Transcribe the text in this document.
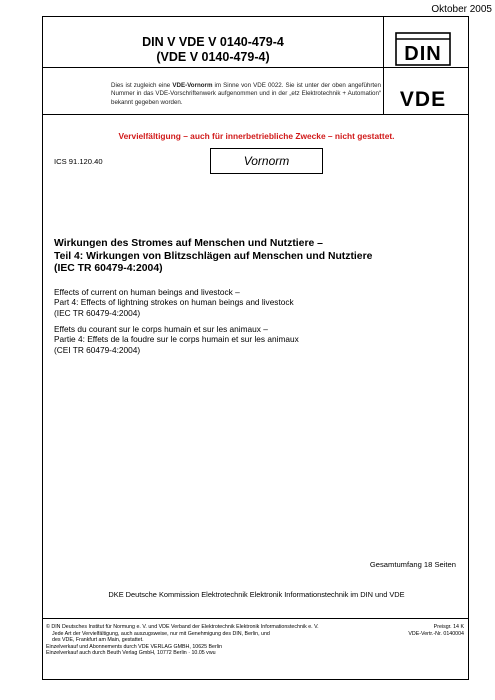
Oktober 2005
DIN V VDE V 0140-479-4
(VDE V 0140-479-4)	DIN
Dies ist zugleich eine VDE-Vornorm im Sinne von VDE 0022. Sie ist unter der oben angeführten Nummer in das VDE-Vorschriftenwerk aufgenommen und in der „etz Elektrotechnik + Automation“ bekannt gegeben worden.	VDE
Vervielfältigung – auch für innerbetriebliche Zwecke – nicht gestattet.
ICS 91.120.40	Vornorm
Wirkungen des Stromes auf Menschen und Nutztiere –
Teil 4: Wirkungen von Blitzschlägen auf Menschen und Nutztiere
(IEC TR 60479-4:2004)
Effects of current on human beings and livestock –
Part 4: Effects of lightning strokes on human beings and livestock
(IEC TR 60479-4:2004)
Effets du courant sur le corps humain et sur les animaux –
Partie 4: Effets de la foudre sur le corps humain et sur les animaux
(CEI TR 60479-4:2004)
Gesamtumfang 18 Seiten
DKE Deutsche Kommission Elektrotechnik Elektronik Informationstechnik im DIN und VDE
© DIN Deutsches Institut für Normung e. V. und VDE Verband der Elektrotechnik Elektronik Informationstechnik e. V.
Jede Art der Vervielfältigung, auch auszugsweise, nur mit Genehmigung des DIN, Berlin, und
des VDE, Frankfurt am Main, gestattet.
Einzelverkauf und Abonnements durch VDE VERLAG GMBH, 10625 Berlin
Einzelverkauf auch durch Beuth Verlag GmbH, 10772 Berlin · 10.05 vwu
Preisgr. 14 K
VDE-Vertr.-Nr. 0140004
